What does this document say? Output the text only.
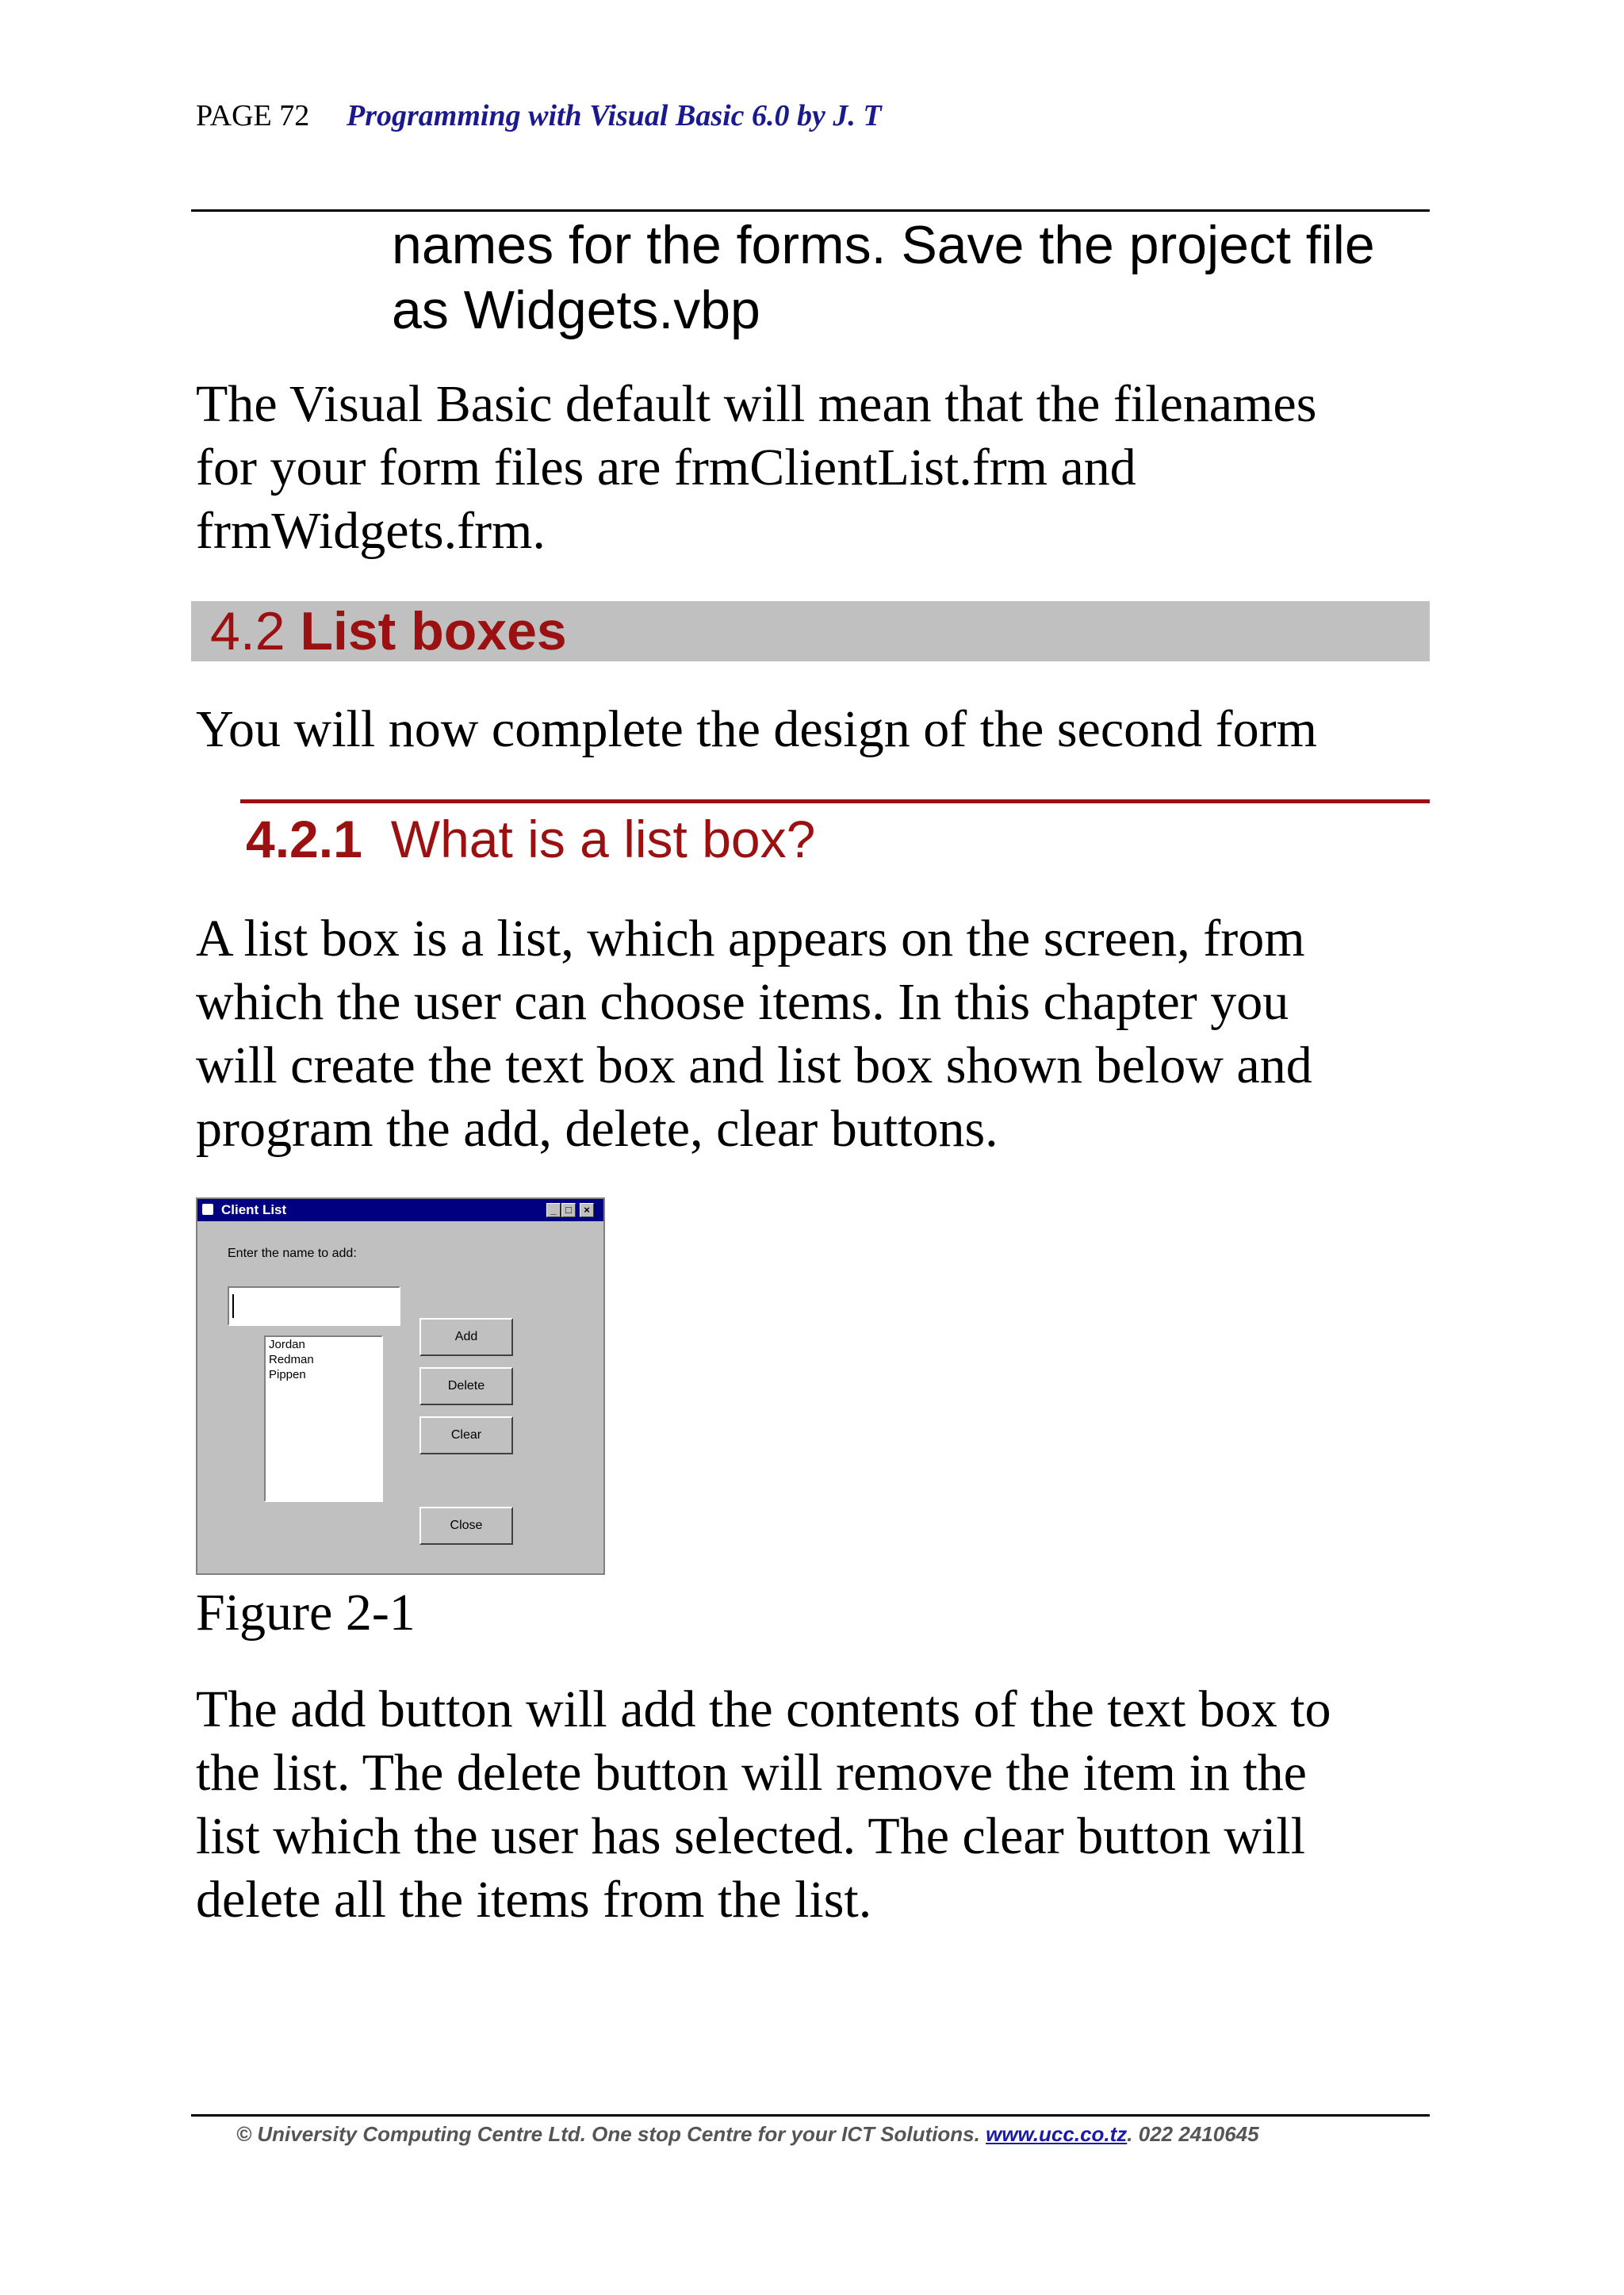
PAGE 72 Programming with Visual Basic 6.0 by J. T
names for the forms. Save the project file
as Widgets.vbp
The Visual Basic default will mean that the filenames
for your form files are frmClientList.frm and
frmWidgets.frm.
4.2 List boxes
You will now complete the design of the second form
4.2.1 What is a list box?
A list box is a list, which appears on the screen, from
which the user can choose items. In this chapter you
will create the text box and list box shown below and
program the add, delete, clear buttons.
Client List	_ □	×
Enter the name to add:
Jordan
Redman
Pippen
Add
Delete
Clear
Close
Figure 2-1
The add button will add the contents of the text box to
the list. The delete button will remove the item in the
list which the user has selected. The clear button will
delete all the items from the list.
© University Computing Centre Ltd. One stop Centre for your ICT Solutions. www.ucc.co.tz. 022 2410645
